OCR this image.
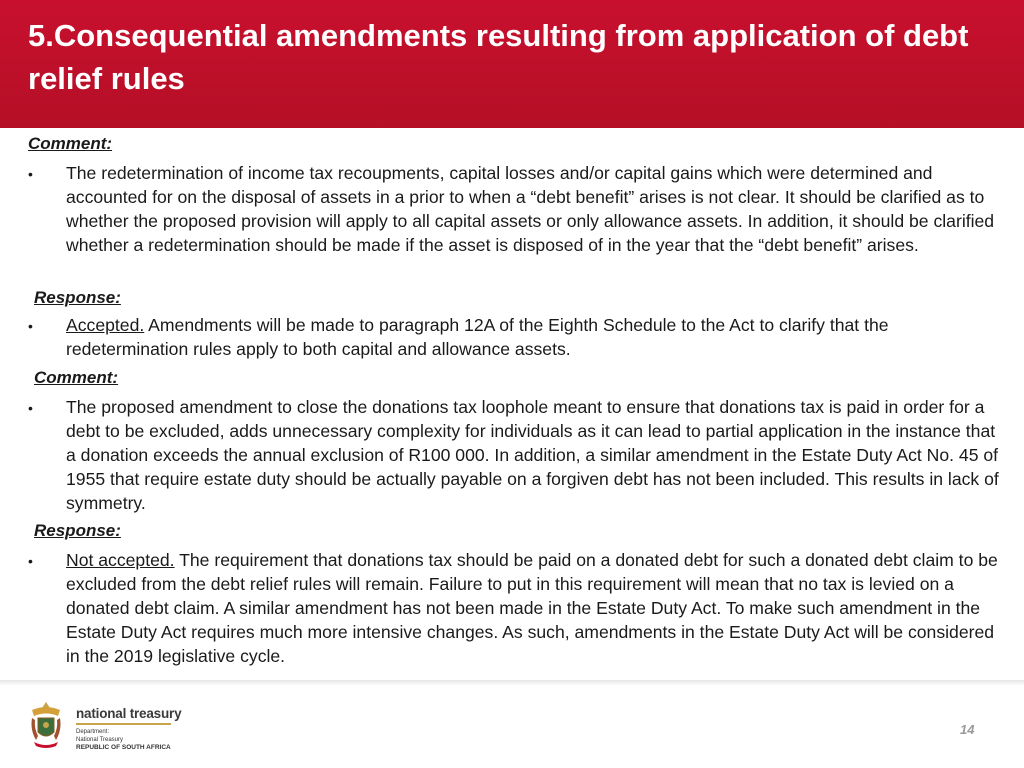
5.Consequential amendments resulting from application of debt relief rules
Comment:
• The redetermination of income tax recoupments, capital losses and/or capital gains which were determined and accounted for on the disposal of assets in a prior to when a “debt benefit” arises is not clear. It should be clarified as to whether the proposed provision will apply to all capital assets or only allowance assets. In addition, it should be clarified whether a redetermination should be made if the asset is disposed of in the year that the “debt benefit” arises.
Response:
• Accepted. Amendments will be made to paragraph 12A of the Eighth Schedule to the Act to clarify that the redetermination rules apply to both capital and allowance assets.
Comment:
• The proposed amendment to close the donations tax loophole meant to ensure that donations tax is paid in order for a debt to be excluded, adds unnecessary complexity for individuals as it can lead to partial application in the instance that a donation exceeds the annual exclusion of R100 000. In addition, a similar amendment in the Estate Duty Act No. 45 of 1955 that require estate duty should be actually payable on a forgiven debt has not been included. This results in lack of symmetry.
Response:
• Not accepted. The requirement that donations tax should be paid on a donated debt for such a donated debt claim to be excluded from the debt relief rules will remain. Failure to put in this requirement will mean that no tax is levied on a donated debt claim. A similar amendment has not been made in the Estate Duty Act. To make such amendment in the Estate Duty Act requires much more intensive changes. As such, amendments in the Estate Duty Act will be considered in the 2019 legislative cycle.
national treasury
Department:
National Treasury
REPUBLIC OF SOUTH AFRICA
14
